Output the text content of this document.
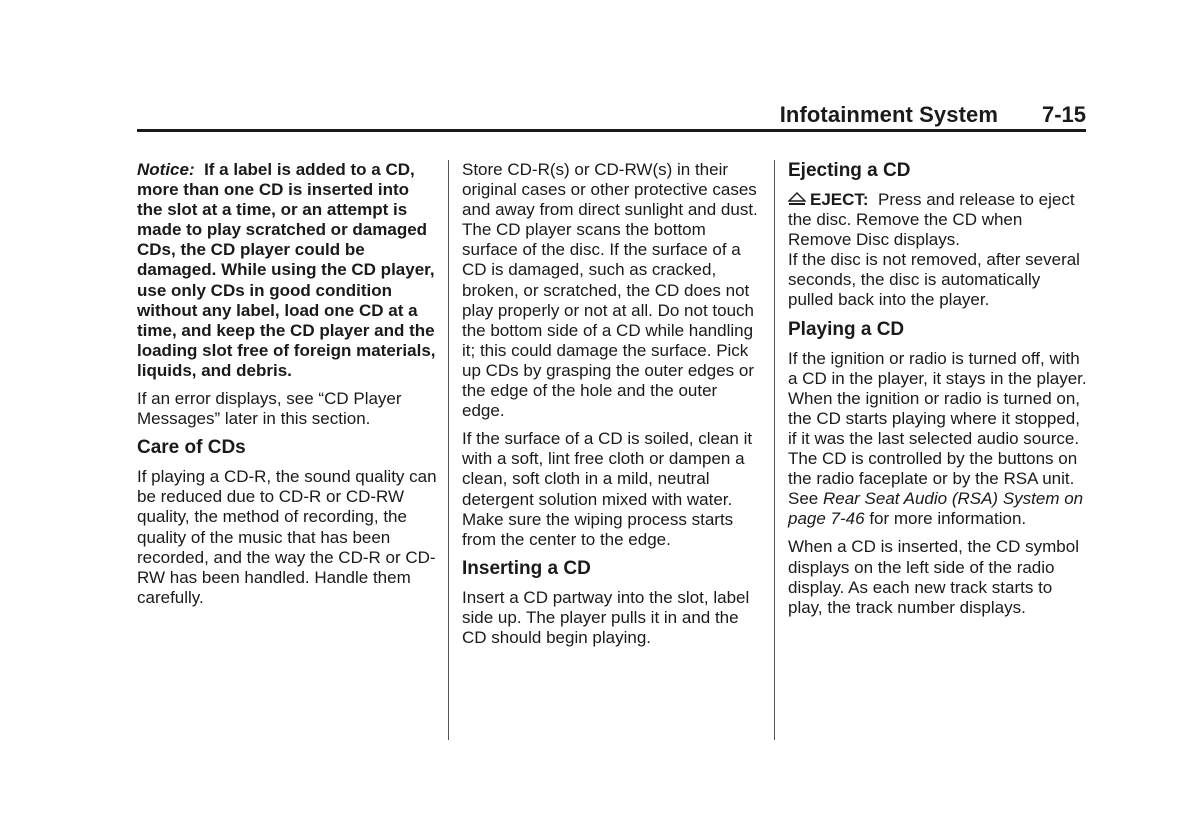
Infotainment System 7-15

Notice: If a label is added to a CD, more than one CD is inserted into the slot at a time, or an attempt is made to play scratched or damaged CDs, the CD player could be damaged. While using the CD player, use only CDs in good condition without any label, load one CD at a time, and keep the CD player and the loading slot free of foreign materials, liquids, and debris.

If an error displays, see “CD Player Messages” later in this section.

Care of CDs

If playing a CD-R, the sound quality can be reduced due to CD-R or CD-RW quality, the method of recording, the quality of the music that has been recorded, and the way the CD-R or CD-RW has been handled. Handle them carefully.

Store CD-R(s) or CD-RW(s) in their original cases or other protective cases and away from direct sunlight and dust. The CD player scans the bottom surface of the disc. If the surface of a CD is damaged, such as cracked, broken, or scratched, the CD does not play properly or not at all. Do not touch the bottom side of a CD while handling it; this could damage the surface. Pick up CDs by grasping the outer edges or the edge of the hole and the outer edge.

If the surface of a CD is soiled, clean it with a soft, lint free cloth or dampen a clean, soft cloth in a mild, neutral detergent solution mixed with water. Make sure the wiping process starts from the center to the edge.

Inserting a CD

Insert a CD partway into the slot, label side up. The player pulls it in and the CD should begin playing.

Ejecting a CD

EJECT: Press and release to eject the disc. Remove the CD when Remove Disc displays.

If the disc is not removed, after several seconds, the disc is automatically pulled back into the player.

Playing a CD

If the ignition or radio is turned off, with a CD in the player, it stays in the player. When the ignition or radio is turned on, the CD starts playing where it stopped, if it was the last selected audio source. The CD is controlled by the buttons on the radio faceplate or by the RSA unit. See Rear Seat Audio (RSA) System on page 7-46 for more information.

When a CD is inserted, the CD symbol displays on the left side of the radio display. As each new track starts to play, the track number displays.
